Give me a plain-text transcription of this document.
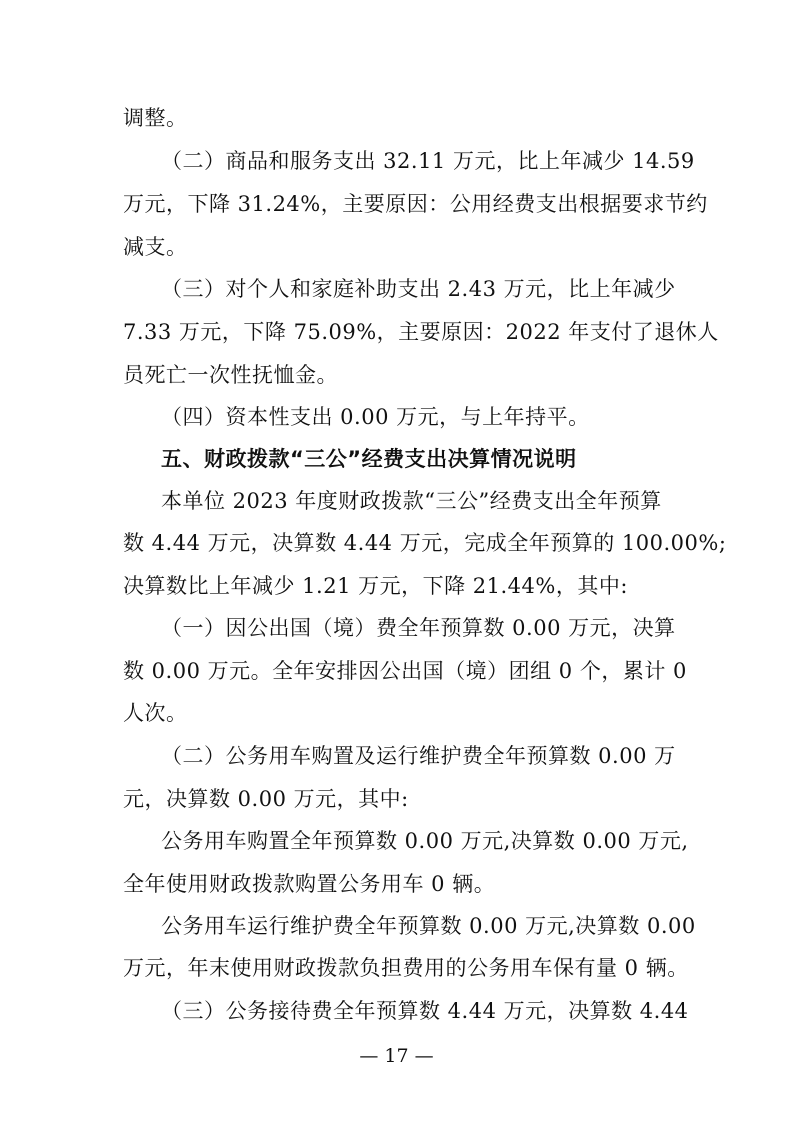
调整。
（二）商品和服务支出 32.11 万元，比上年减少 14.59
万元，下降 31.24%，主要原因：公用经费支出根据要求节约
减支。
（三）对个人和家庭补助支出 2.43 万元，比上年减少
7.33 万元，下降 75.09%，主要原因：2022 年支付了退休人
员死亡一次性抚恤金。
（四）资本性支出 0.00 万元，与上年持平。
五、财政拨款“三公”经费支出决算情况说明
本单位 2023 年度财政拨款“三公”经费支出全年预算
数 4.44 万元，决算数 4.44 万元，完成全年预算的 100.00%;
决算数比上年减少 1.21 万元，下降 21.44%，其中:
（一）因公出国（境）费全年预算数 0.00 万元，决算
数 0.00 万元。全年安排因公出国（境）团组 0 个，累计 0
人次。
（二）公务用车购置及运行维护费全年预算数 0.00 万
元，决算数 0.00 万元，其中:
公务用车购置全年预算数 0.00 万元,决算数 0.00 万元,
全年使用财政拨款购置公务用车 0 辆。
公务用车运行维护费全年预算数 0.00 万元,决算数 0.00
万元，年末使用财政拨款负担费用的公务用车保有量 0 辆。
（三）公务接待费全年预算数 4.44 万元，决算数 4.44
— 17 —
